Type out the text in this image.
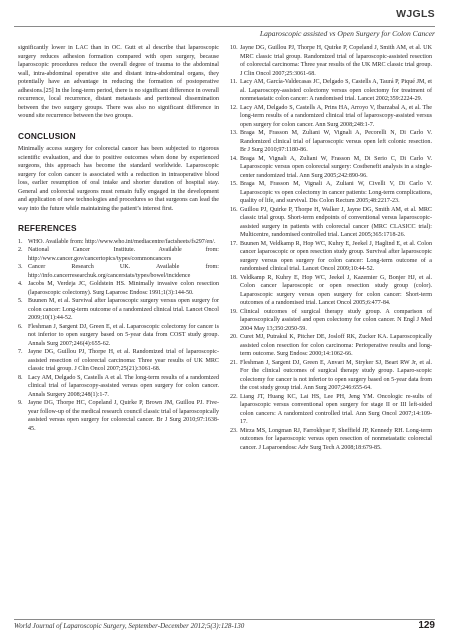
WJGLS
Laparoscopic assisted vs Open Surgery for Colon Cancer

significantly lower in LAC than in OC. Gutt et al describe that laparoscopic surgery reduces adhesion formation compared with open surgery, because laparoscopic procedures reduce the overall degree of trauma to the abdominal wall, intra-abdominal operative site and distant intra-abdominal organs, they potentially have an advantage in reducing the formation of postoperative adhesions.[25] In the long-term period, there is no significant difference in overall recurrence, local recurrence, distant metastasis and peritoneal dissemination between the two surgery groups. There was also no significant difference in wound site recurrence between the two groups.

CONCLUSION

Minimally access surgery for colorectal cancer has been subjected to rigorous scientific evaluation, and due to positive outcomes when done by experienced surgeons, this approach has become the standard worldwide. Laparoscopic surgery for colon cancer is associated with a reduction in intraoperative blood loss, earlier resumption of oral intake and shorter duration of hospital stay. General and colorectal surgeons must remain fully engaged in the development and application of new technologies and procedures so that surgeons can lead the way into the future while maintaining the patient’s interest first.

REFERENCES

1. WHO. Available from: http://www.who.int/mediacentre/factsheets/fs297/en/.

2. National Cancer Institute. Available from: http://www.cancer.gov/cancertopics/types/commoncancers

3. Cancer Research UK. Available from: http://info.cancerresearchuk.org/cancerstats/types/bowel/incidence

4. Jacobs M, Verdeja JC, Goldstein HS. Minimally invasive colon resection (laparoscopic colectomy). Surg Laparosc Endosc 1991;1(3):144-50.

5. Buunen M, et al. Survival after laparoscopic surgery versus open surgery for colon cancer: Long-term outcome of a randomized clinical trial. Lancet Oncol 2009;10(1):44-52.

6. Fleshman J, Sargent DJ, Green E, et al. Laparoscopic colectomy for cancer is not inferior to open surgery based on 5-year data from COST study group. Annals Surg 2007;246(4):655-62.

7. Jayne DG, Guillou PJ, Thorpe H, et al. Randomized trial of laparoscopic-assisted resection of colorectal carcinoma: Three year results of UK MRC classic trial group. J Clin Oncol 2007;25(21):3061-68.

8. Lacy AM, Delgado S, Castells A et al. The long-term results of a randomized clinical trial of laparoscopy-assisted versus open surgery for colon cancer. Annals Surgery 2008;248(1):1-7.

9. Jayne DG, Thorpe HC, Copeland J, Quirke P, Brown JM, Guillou PJ. Five-year follow-up of the medical research council classic trial of laparoscopically assisted versus open surgery for colorectal cancer. Br J Surg 2010;97:1638-45.

10. Jayne DG, Guillou PJ, Thorpe H, Quirke P, Copeland J, Smith AM, et al. UK MRC classic trial group. Randomized trial of laparoscopic-assisted resection of colorectal carcinoma: Three year results of the UK MRC classic trial group. J Clin Oncol 2007;25:3061-68.

11. Lacy AM, García-Valdecasas JC, Delgado S, Castells A, Taurá P, Piqué JM, et al. Laparoscopy-assisted colectomy versus open colectomy for treatment of nonmetastatic colon cancer: A randomised trial. Lancet 2002;359:2224-29.

12. Lacy AM, Delgado S, Castells A, Prins HA, Arroyo V, Ibarzabal A, et al. The long-term results of a randomized clinical trial of laparoscopy-assisted versus open surgery for colon cancer. Ann Surg 2008;248:1-7.

13. Braga M, Frasson M, Zuliani W, Vignali A, Pecorelli N, Di Carlo V. Randomized clinical trial of laparoscopic versus open left colonic resection. Br J Surg 2010;97:1180-86.

14. Braga M, Vignali A, Zuliani W, Frasson M, Di Serio C, Di Carlo V. Laparoscopic versus open colorectal surgery: Costbenefit analysis in a single-center randomized trial. Ann Surg 2005;242:890-96.

15. Braga M, Frasson M, Vignali A, Zuliani W, Civelli V, Di Carlo V. Laparoscopic vs open colectomy in cancer patients: Long-term complications, quality of life, and survival. Dis Colon Rectum 2005;48:2217-23.

16. Guillou PJ, Quirke P, Thorpe H, Walker J, Jayne DG, Smith AM, et al. MRC classic trial group. Short-term endpoints of conventional versus laparoscopic-assisted surgery in patients with colorectal cancer (MRC CLASICC trial): Multicentre, randomised controlled trial. Lancet 2005;365:1718-26.

17. Buunen M, Veldkamp R, Hop WC, Kuhry E, Jeekel J, Haglind E, et al. Colon cancer laparoscopic or open resection study group. Survival after laparoscopic surgery versus open surgery for colon cancer: Long-term outcome of a randomised clinical trial. Lancet Oncol 2009;10:44-52.

18. Veldkamp R, Kuhry E, Hop WC, Jeekel J, Kazemier G, Bonjer HJ, et al. Colon cancer laparoscopic or open resection study group (color). Laparoscopic surgery versus open surgery for colon cancer: Short-term outcomes of a randomised trial. Lancet Oncol 2005;6:477-84.

19. Clinical outcomes of surgical therapy study group. A comparison of laparoscopically assisted and open colectomy for colon cancer. N Engl J Med 2004 May 13;350:2050-59.

20. Curet MJ, Putrakul K, Pitcher DE, Josloff RK, Zucker KA. Laparoscopically assisted colon resection for colon carcinoma: Perioperative results and long-term outcome. Surg Endosc 2000;14:1062-66.

21. Fleshman J, Sargent DJ, Green E, Anvari M, Stryker SJ, Beart RW Jr, et al. For the clinical outcomes of surgical therapy study group. Laparo-scopic colectomy for cancer is not inferior to open surgery based on 5-year data from the cost study group trial. Ann Surg 2007;246:655-64.

22. Liang JT, Huang KC, Lai HS, Lee PH, Jeng YM. Oncologic re-sults of laparoscopic versus conventional open surgery for stage II or III left-sided colon cancers: A randomized controlled trial. Ann Surg Oncol 2007;14:109-17.

23. Mirza MS, Longman RJ, Farrokhyar F, Sheffield JP, Kennedy RH. Long-term outcomes for laparoscopic versus open resection of nonmetastatic colorectal cancer. J Laparoendosc Adv Surg Tech A 2008;18:679-85.

World Journal of Laparoscopic Surgery, September-December 2012;5(3):128-130	129
